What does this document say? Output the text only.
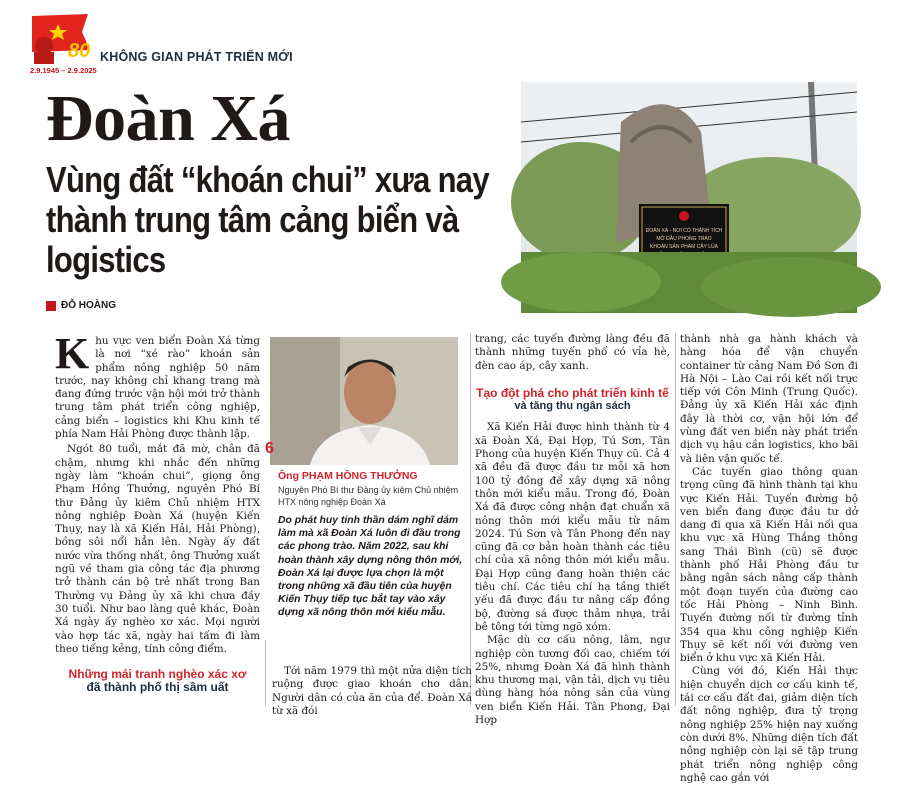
80
2.9.1945 – 2.9.2025
KHÔNG GIAN PHÁT TRIỂN MỚI
Đoàn Xá
Vùng đất “khoán chui” xưa nay thành trung tâm cảng biển và logistics
ĐỖ HOÀNG
ĐOÀN XÁ - NƠI CÓ THÀNH TÍCH
MỞ ĐẦU PHONG TRÀO
KHOÁN SẢN PHẨM CÂY LÚA

Khu vực ven biển Đoàn Xá từng là nơi “xé rào” khoán sản phẩm nông nghiệp 50 năm trước, nay không chỉ khang trang mà đang đứng trước vận hội mới trở thành trung tâm phát triển công nghiệp, cảng biển – logistics khi Khu kinh tế phía Nam Hải Phòng được thành lập.

Ngót 80 tuổi, mắt đã mờ, chân đã chậm, nhưng khi nhắc đến những ngày làm “khoán chui”, giọng ông Phạm Hồng Thưởng, nguyên Phó Bí thư Đảng ủy kiêm Chủ nhiệm HTX nông nghiệp Đoàn Xá (huyện Kiến Thụy, nay là xã Kiến Hải, Hải Phòng), bồng sôi nổi hẳn lên. Ngày ấy đất nước vừa thống nhất, ông Thưởng xuất ngũ về tham gia công tác địa phương trở thành cán bộ trẻ nhất trong Ban Thường vụ Đảng ủy xã khi chưa đầy 30 tuổi. Như bao làng quê khác, Đoàn Xá ngày ấy nghèo xơ xác. Mọi người vào hợp tác xã, ngày hai tấm đi làm theo tiếng kẻng, tính công điểm.

Những mái tranh nghèo xác xơ
đã thành phố thị sầm uất
6
Ông PHẠM HỒNG THƯỞNG
Nguyên Phó Bí thư Đảng ủy kiêm Chủ nhiệm HTX nông nghiệp Đoàn Xá
Do phát huy tinh thần dám nghĩ dám làm mà xã Đoàn Xá luôn đi đầu trong các phong trào. Năm 2022, sau khi hoàn thành xây dựng nông thôn mới, Đoàn Xá lại được lựa chọn là một trong những xã đầu tiên của huyện Kiến Thụy tiếp tục bắt tay vào xây dựng xã nông thôn mới kiểu mẫu.

Tới năm 1979 thì một nửa diện tích ruộng được giao khoán cho dân. Người dân có của ăn của để. Đoàn Xá từ xã đói

trang, các tuyến đường làng đều đã thành những tuyến phố có vỉa hè, đèn cao áp, cây xanh.

Tạo đột phá cho phát triển kinh tế
và tăng thu ngân sách

Xã Kiến Hải được hình thành từ 4 xã Đoàn Xá, Đại Hợp, Tú Sơn, Tân Phong của huyện Kiến Thụy cũ. Cả 4 xã đều đã được đầu tư mỗi xã hơn 100 tỷ đồng để xây dựng xã nông thôn mới kiểu mẫu. Trong đó, Đoàn Xá đã được công nhận đạt chuẩn xã nông thôn mới kiểu mẫu từ năm 2024. Tú Sơn và Tân Phong đến nay cũng đã cơ bản hoàn thành các tiêu chí của xã nông thôn mới kiểu mẫu. Đại Hợp cũng đang hoàn thiện các tiêu chí. Các tiêu chí hạ tầng thiết yếu đã được đầu tư nâng cấp đồng bộ, đường sá được thảm nhựa, trải bê tông tới từng ngõ xóm.

Mặc dù cơ cấu nông, lâm, ngư nghiệp còn tương đối cao, chiếm tới 25%, nhưng Đoàn Xá đã hình thành khu thương mại, vận tải, dịch vụ tiêu dùng hàng hóa nông sản của vùng ven biển Kiến Hải. Tân Phong, Đại Hợp

thành nhà ga hành khách và hàng hóa để vận chuyển container từ cảng Nam Đồ Sơn đi Hà Nội – Lào Cai rồi kết nối trực tiếp với Côn Minh (Trung Quốc). Đảng ủy xã Kiến Hải xác định đây là thời cơ, vận hội lớn để vùng đất ven biển này phát triển dịch vụ hậu cần logistics, kho bãi và liên vận quốc tế.

Các tuyến giao thông quan trọng cũng đã hình thành tại khu vực Kiến Hải. Tuyến đường bộ ven biển đang được đầu tư dở dang đi qua xã Kiến Hải nối qua khu vực xã Hùng Thắng thông sang Thái Bình (cũ) sẽ được thành phố Hải Phòng đầu tư bằng ngân sách nâng cấp thành một đoạn tuyến của đường cao tốc Hải Phòng – Ninh Bình. Tuyến đường nối từ đường tỉnh 354 qua khu công nghiệp Kiến Thụy sẽ kết nối với đường ven biển ở khu vực xã Kiến Hải.

Cùng với đó, Kiến Hải thực hiện chuyển dịch cơ cấu kinh tế, tái cơ cấu đất đai, giảm diện tích đất nông nghiệp, đưa tỷ trọng nông nghiệp 25% hiện nay xuống còn dưới 8%. Những diện tích đất nông nghiệp còn lại sẽ tập trung phát triển nông nghiệp công nghệ cao gắn với
